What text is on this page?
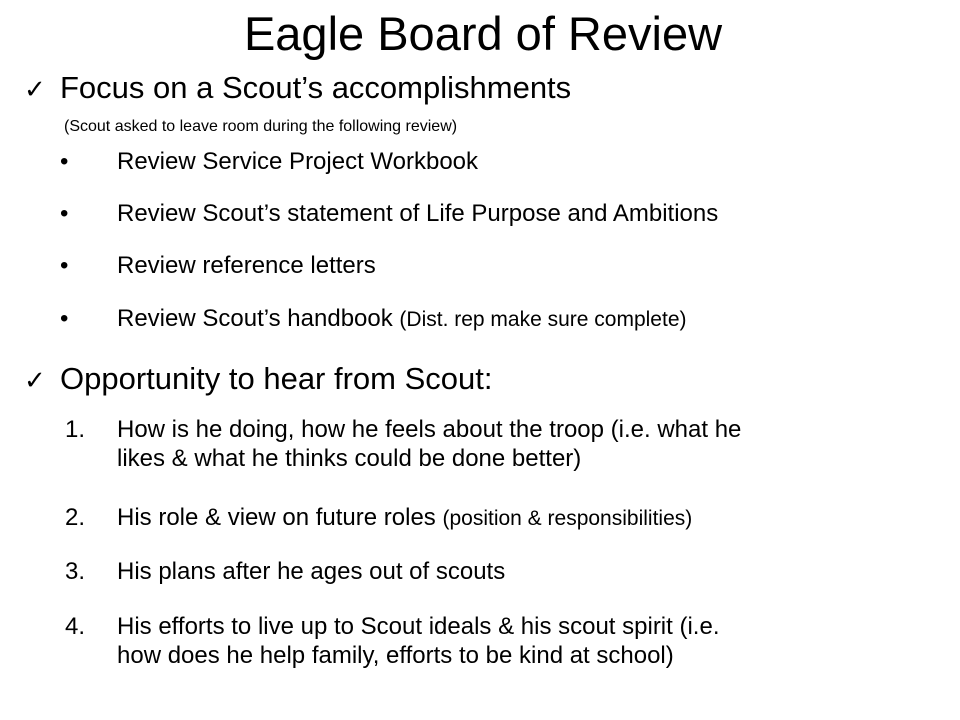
Eagle Board of Review
✓ Focus on a Scout’s accomplishments
(Scout asked to leave room during the following review)
• Review Service Project Workbook
• Review Scout’s statement of Life Purpose and Ambitions
• Review reference letters
• Review Scout’s handbook (Dist. rep make sure complete)
✓ Opportunity to hear from Scout:
1. How is he doing, how he feels about the troop (i.e. what he
likes & what he thinks could be done better)
2. His role & view on future roles (position & responsibilities)
3. His plans after he ages out of scouts
4. His efforts to live up to Scout ideals & his scout spirit (i.e.
how does he help family, efforts to be kind at school)
